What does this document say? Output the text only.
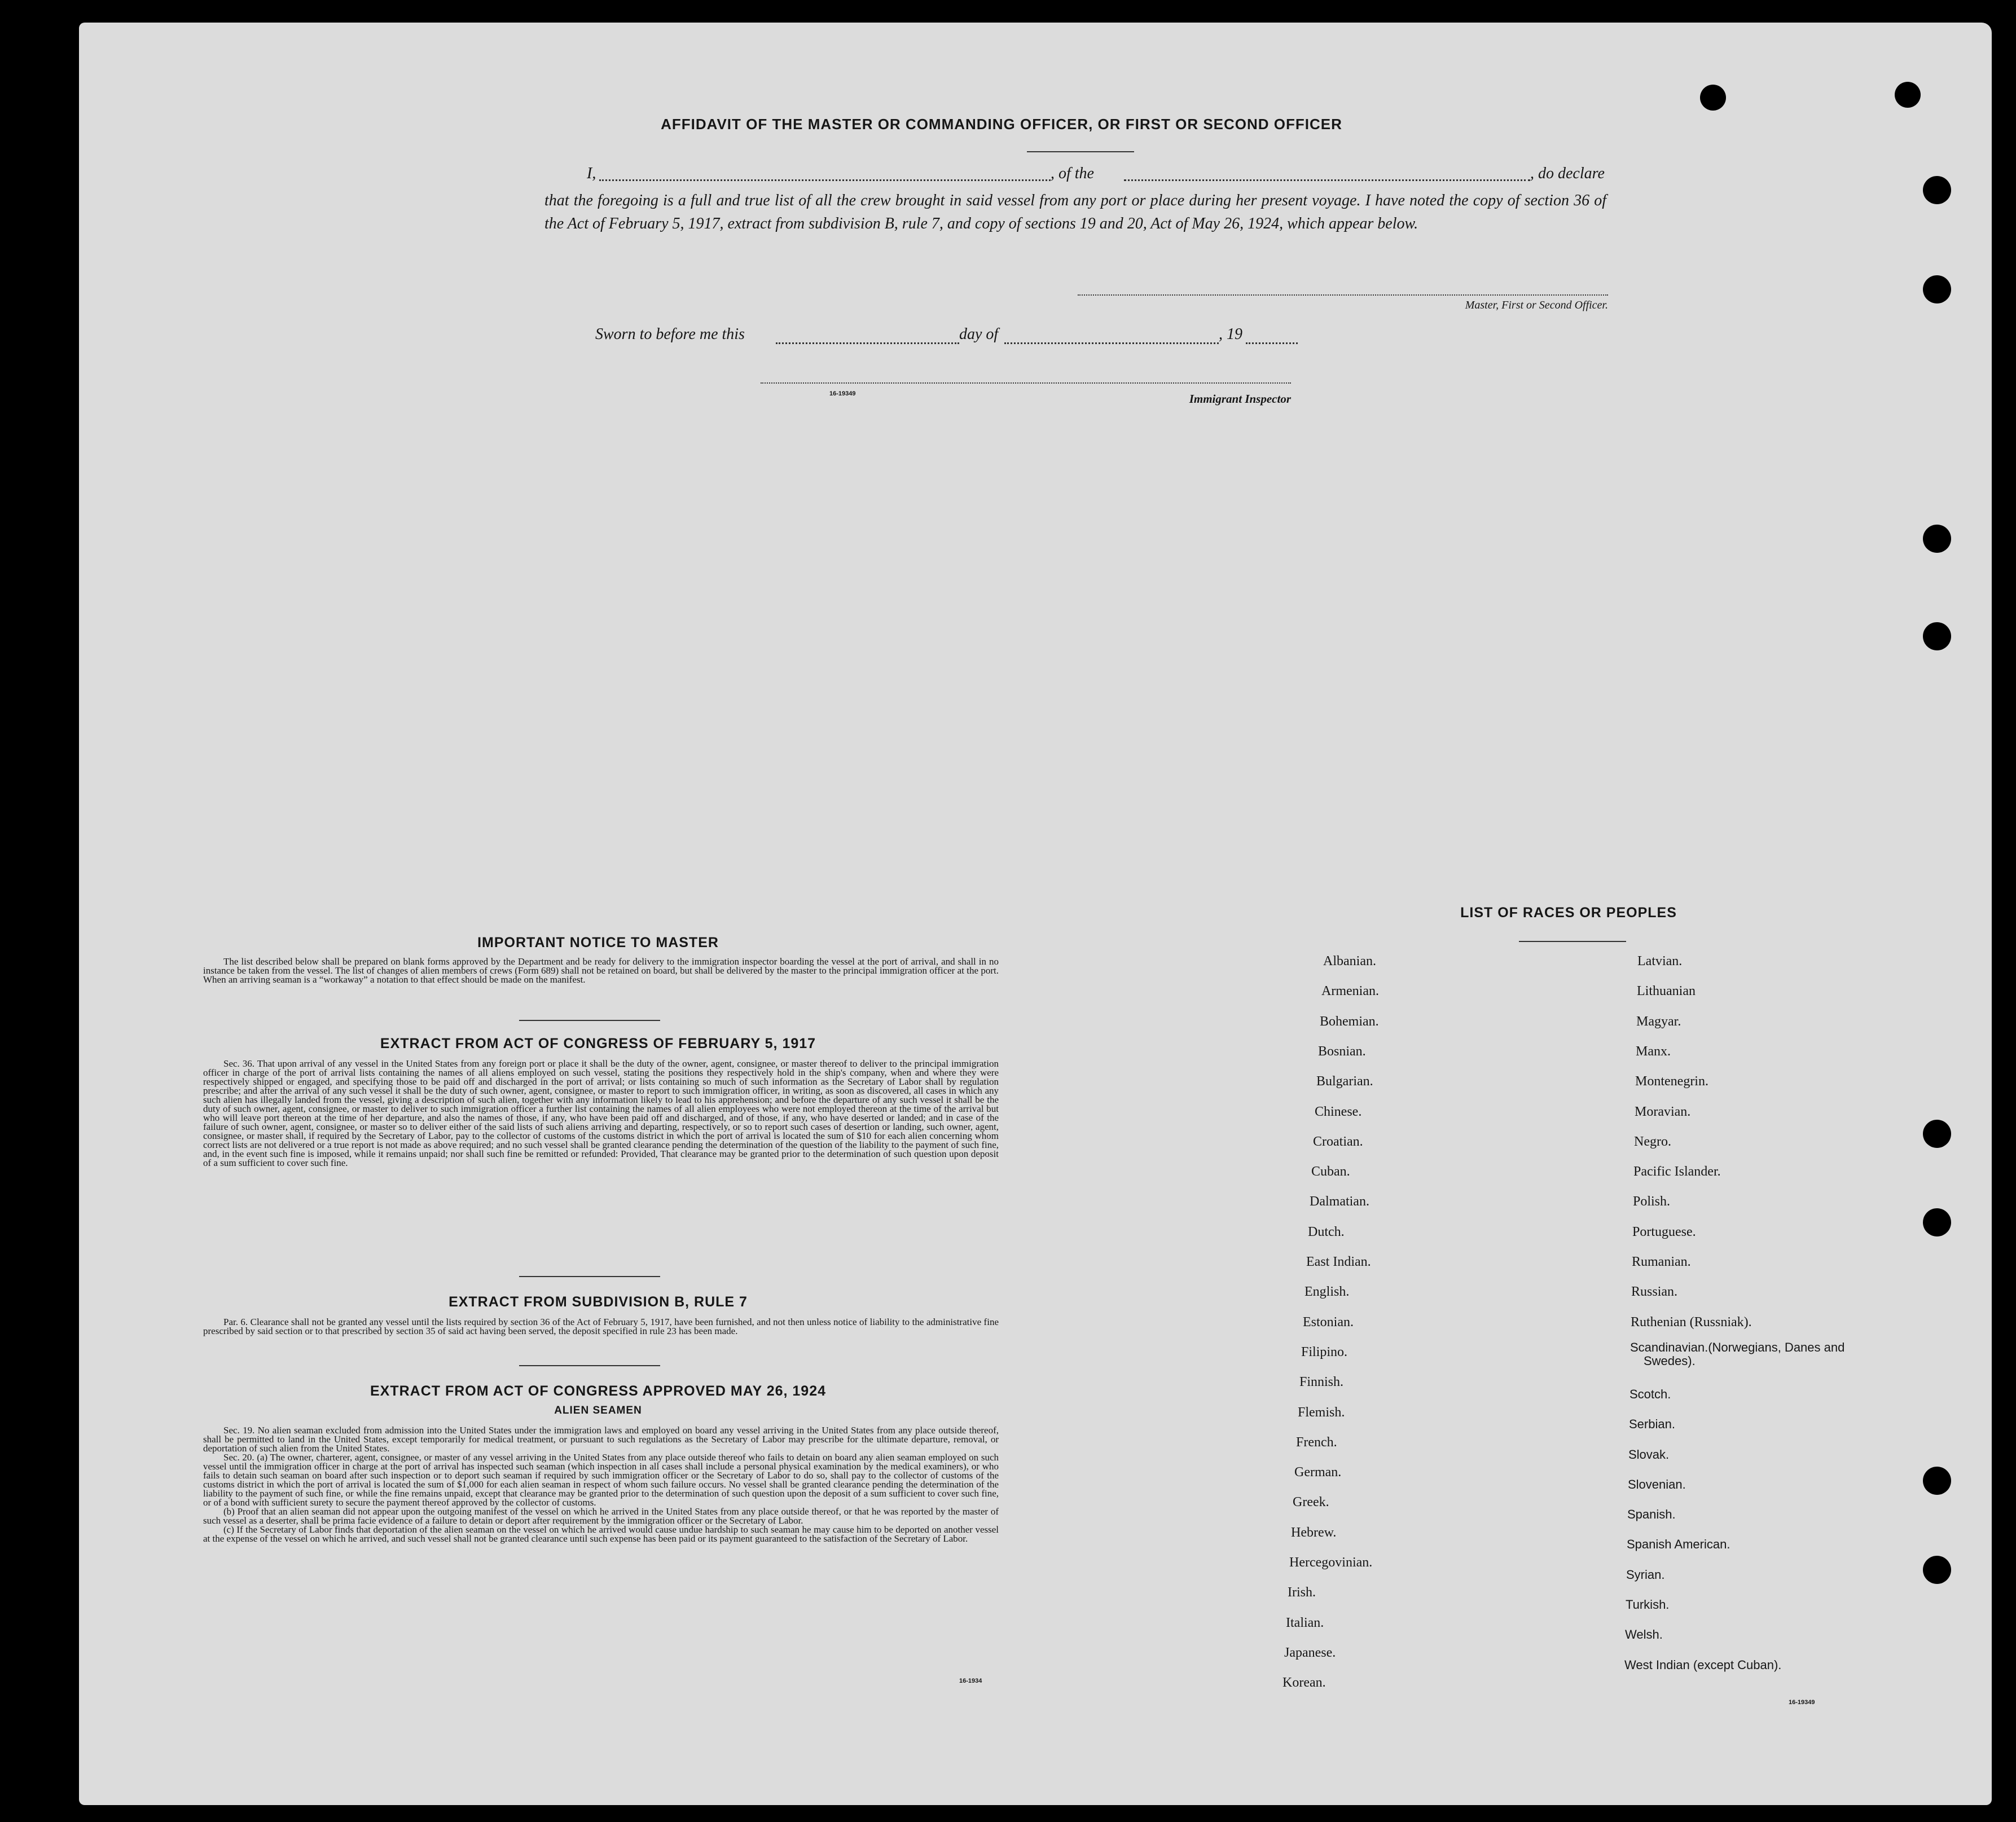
AFFIDAVIT OF THE MASTER OR COMMANDING OFFICER, OR FIRST OR SECOND OFFICER
I,	, of the	, do declare
that the foregoing is a full and true list of all the crew brought in said vessel from any port or place during her present voyage. I have noted the copy of section 36 of the Act of February 5, 1917, extract from subdivision B, rule 7, and copy of sections 19 and 20, Act of May 26, 1924, which appear below.
Master, First or Second Officer.
Sworn to before me this	day of	, 19
16-19349	Immigrant Inspector
IMPORTANT NOTICE TO MASTER

The list described below shall be prepared on blank forms approved by the Department and be ready for delivery to the immigration inspector boarding the vessel at the port of arrival, and shall in no instance be taken from the vessel. The list of changes of alien members of crews (Form 689) shall not be retained on board, but shall be delivered by the master to the principal immigration officer at the port. When an arriving seaman is a “workaway” a notation to that effect should be made on the manifest.

EXTRACT FROM ACT OF CONGRESS OF FEBRUARY 5, 1917

Sec. 36. That upon arrival of any vessel in the United States from any foreign port or place it shall be the duty of the owner, agent, consignee, or master thereof to deliver to the principal immigration officer in charge of the port of arrival lists containing the names of all aliens employed on such vessel, stating the positions they respectively hold in the ship's company, when and where they were respectively shipped or engaged, and specifying those to be paid off and discharged in the port of arrival; or lists containing so much of such information as the Secretary of Labor shall by regulation prescribe; and after the arrival of any such vessel it shall be the duty of such owner, agent, consignee, or master to report to such immigration officer, in writing, as soon as discovered, all cases in which any such alien has illegally landed from the vessel, giving a description of such alien, together with any information likely to lead to his apprehension; and before the departure of any such vessel it shall be the duty of such owner, agent, consignee, or master to deliver to such immigration officer a further list containing the names of all alien employees who were not employed thereon at the time of the arrival but who will leave port thereon at the time of her departure, and also the names of those, if any, who have been paid off and discharged, and of those, if any, who have deserted or landed; and in case of the failure of such owner, agent, consignee, or master so to deliver either of the said lists of such aliens arriving and departing, respectively, or so to report such cases of desertion or landing, such owner, agent, consignee, or master shall, if required by the Secretary of Labor, pay to the collector of customs of the customs district in which the port of arrival is located the sum of $10 for each alien concerning whom correct lists are not delivered or a true report is not made as above required; and no such vessel shall be granted clearance pending the determination of the question of the liability to the payment of such fine, and, in the event such fine is imposed, while it remains unpaid; nor shall such fine be remitted or refunded: Provided, That clearance may be granted prior to the determination of such question upon deposit of a sum sufficient to cover such fine.

EXTRACT FROM SUBDIVISION B, RULE 7

Par. 6. Clearance shall not be granted any vessel until the lists required by section 36 of the Act of February 5, 1917, have been furnished, and not then unless notice of liability to the administrative fine prescribed by said section or to that prescribed by section 35 of said act having been served, the deposit specified in rule 23 has been made.

EXTRACT FROM ACT OF CONGRESS APPROVED MAY 26, 1924
ALIEN SEAMEN

Sec. 19. No alien seaman excluded from admission into the United States under the immigration laws and employed on board any vessel arriving in the United States from any place outside thereof, shall be permitted to land in the United States, except temporarily for medical treatment, or pursuant to such regulations as the Secretary of Labor may prescribe for the ultimate departure, removal, or deportation of such alien from the United States.

Sec. 20. (a) The owner, charterer, agent, consignee, or master of any vessel arriving in the United States from any place outside thereof who fails to detain on board any alien seaman employed on such vessel until the immigration officer in charge at the port of arrival has inspected such seaman (which inspection in all cases shall include a personal physical examination by the medical examiners), or who fails to detain such seaman on board after such inspection or to deport such seaman if required by such immigration officer or the Secretary of Labor to do so, shall pay to the collector of customs of the customs district in which the port of arrival is located the sum of $1,000 for each alien seaman in respect of whom such failure occurs. No vessel shall be granted clearance pending the determination of the liability to the payment of such fine, or while the fine remains unpaid, except that clearance may be granted prior to the determination of such question upon the deposit of a sum sufficient to cover such fine, or of a bond with sufficient surety to secure the payment thereof approved by the collector of customs.

(b) Proof that an alien seaman did not appear upon the outgoing manifest of the vessel on which he arrived in the United States from any place outside thereof, or that he was reported by the master of such vessel as a deserter, shall be prima facie evidence of a failure to detain or deport after requirement by the immigration officer or the Secretary of Labor.

(c) If the Secretary of Labor finds that deportation of the alien seaman on the vessel on which he arrived would cause undue hardship to such seaman he may cause him to be deported on another vessel at the expense of the vessel on which he arrived, and such vessel shall not be granted clearance until such expense has been paid or its payment guaranteed to the satisfaction of the Secretary of Labor.

16-1934
LIST OF RACES OR PEOPLES
Albanian.
Armenian.
Bohemian.
Bosnian.
Bulgarian.
Chinese.
Croatian.
Cuban.
Dalmatian.
Dutch.
East Indian.
English.
Estonian.
Filipino.
Finnish.
Flemish.
French.
German.
Greek.
Hebrew.
Hercegovinian.
Irish.
Italian.
Japanese.
Korean.
Latvian.
Lithuanian
Magyar.
Manx.
Montenegrin.
Moravian.
Negro.
Pacific Islander.
Polish.
Portuguese.
Rumanian.
Russian.
Ruthenian (Russniak).
Scandinavian.(Norwegians, Danes and Swedes).
Scotch.
Serbian.
Slovak.
Slovenian.
Spanish.
Spanish American.
Syrian.
Turkish.
Welsh.
West Indian (except Cuban).
16-19349
